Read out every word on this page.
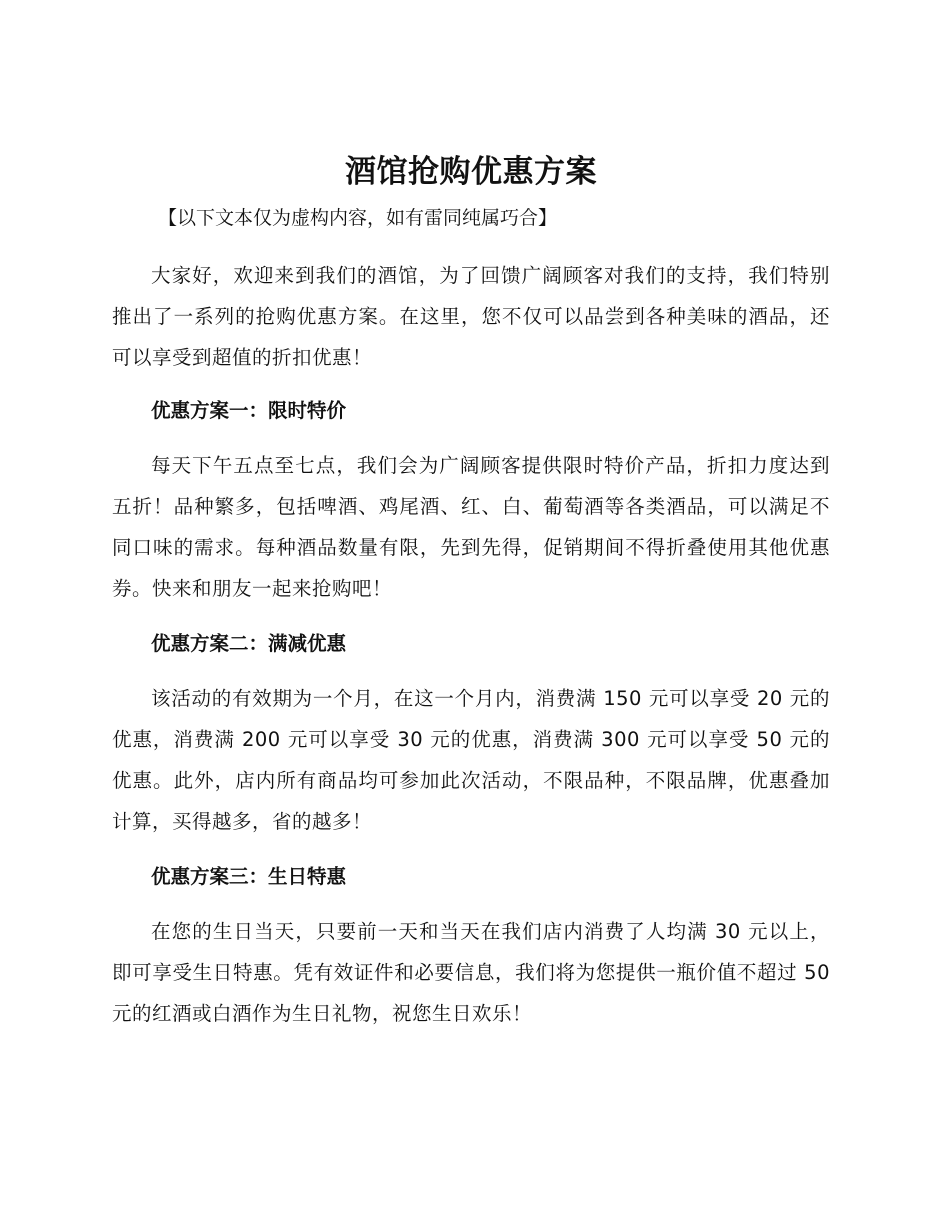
酒馆抢购优惠方案

【以下文本仅为虚构内容，如有雷同纯属巧合】

大家好，欢迎来到我们的酒馆，为了回馈广阔顾客对我们的支持，我们特别推出了一系列的抢购优惠方案。在这里，您不仅可以品尝到各种美味的酒品，还可以享受到超值的折扣优惠！

优惠方案一：限时特价

每天下午五点至七点，我们会为广阔顾客提供限时特价产品，折扣力度达到五折！品种繁多，包括啤酒、鸡尾酒、红、白、葡萄酒等各类酒品，可以满足不同口味的需求。每种酒品数量有限，先到先得，促销期间不得折叠使用其他优惠券。快来和朋友一起来抢购吧！

优惠方案二：满减优惠

该活动的有效期为一个月，在这一个月内，消费满 150 元可以享受 20 元的优惠，消费满 200 元可以享受 30 元的优惠，消费满 300 元可以享受 50 元的优惠。此外，店内所有商品均可参加此次活动，不限品种，不限品牌，优惠叠加计算，买得越多，省的越多！

优惠方案三：生日特惠

在您的生日当天，只要前一天和当天在我们店内消费了人均满 30 元以上，即可享受生日特惠。凭有效证件和必要信息，我们将为您提供一瓶价值不超过 50 元的红酒或白酒作为生日礼物，祝您生日欢乐！
